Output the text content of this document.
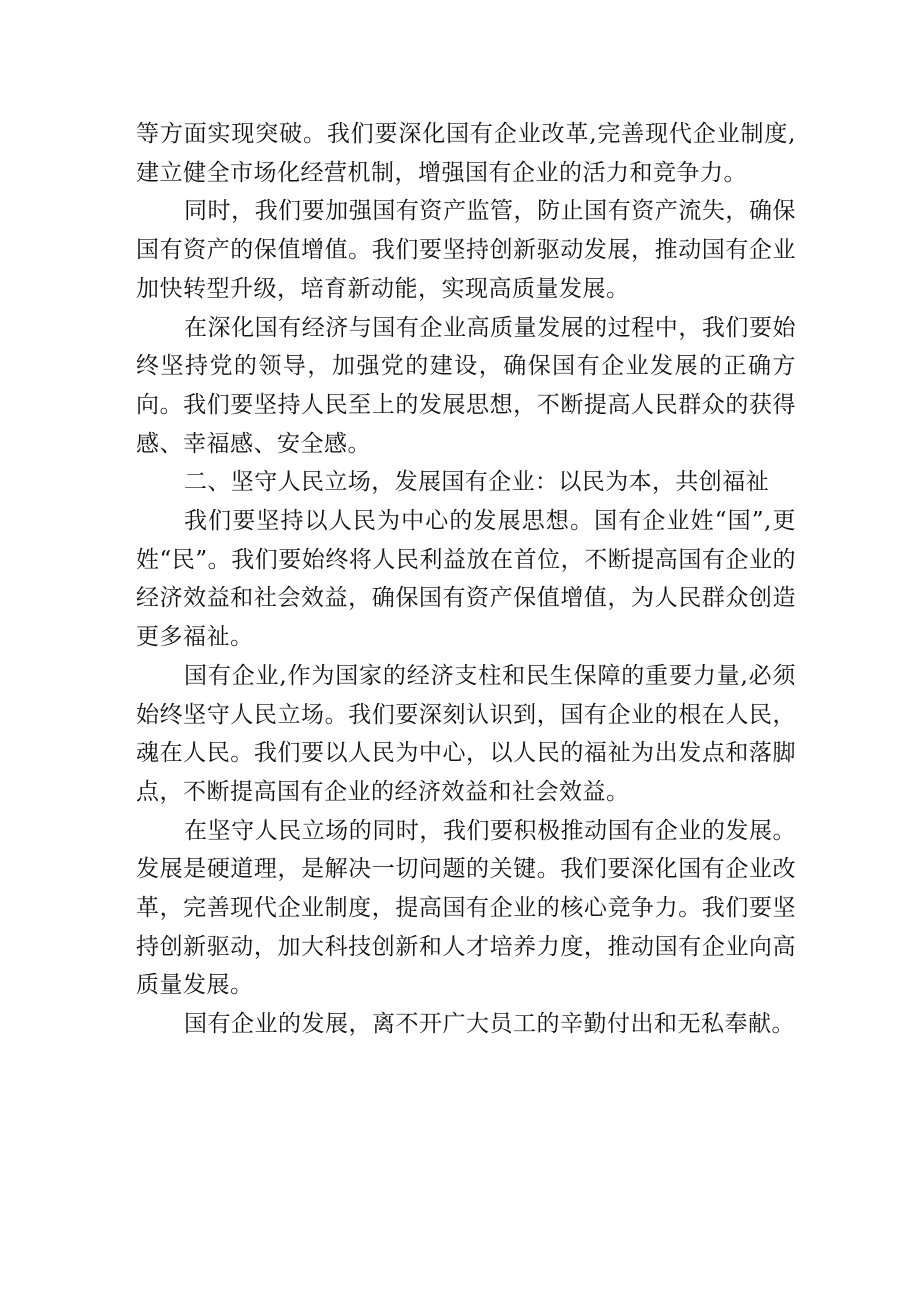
等方面实现突破。我们要深化国有企业改革,完善现代企业制度,建立健全市场化经营机制，增强国有企业的活力和竞争力。

同时，我们要加强国有资产监管，防止国有资产流失，确保国有资产的保值增值。我们要坚持创新驱动发展，推动国有企业加快转型升级，培育新动能，实现高质量发展。

在深化国有经济与国有企业高质量发展的过程中，我们要始终坚持党的领导，加强党的建设，确保国有企业发展的正确方向。我们要坚持人民至上的发展思想，不断提高人民群众的获得感、幸福感、安全感。

二、坚守人民立场，发展国有企业：以民为本，共创福祉

我们要坚持以人民为中心的发展思想。国有企业姓“国”,更姓“民”。我们要始终将人民利益放在首位，不断提高国有企业的经济效益和社会效益，确保国有资产保值增值，为人民群众创造更多福祉。

国有企业,作为国家的经济支柱和民生保障的重要力量,必须始终坚守人民立场。我们要深刻认识到，国有企业的根在人民，魂在人民。我们要以人民为中心，以人民的福祉为出发点和落脚点，不断提高国有企业的经济效益和社会效益。

在坚守人民立场的同时，我们要积极推动国有企业的发展。发展是硬道理，是解决一切问题的关键。我们要深化国有企业改革，完善现代企业制度，提高国有企业的核心竞争力。我们要坚持创新驱动，加大科技创新和人才培养力度，推动国有企业向高质量发展。

国有企业的发展，离不开广大员工的辛勤付出和无私奉献。
